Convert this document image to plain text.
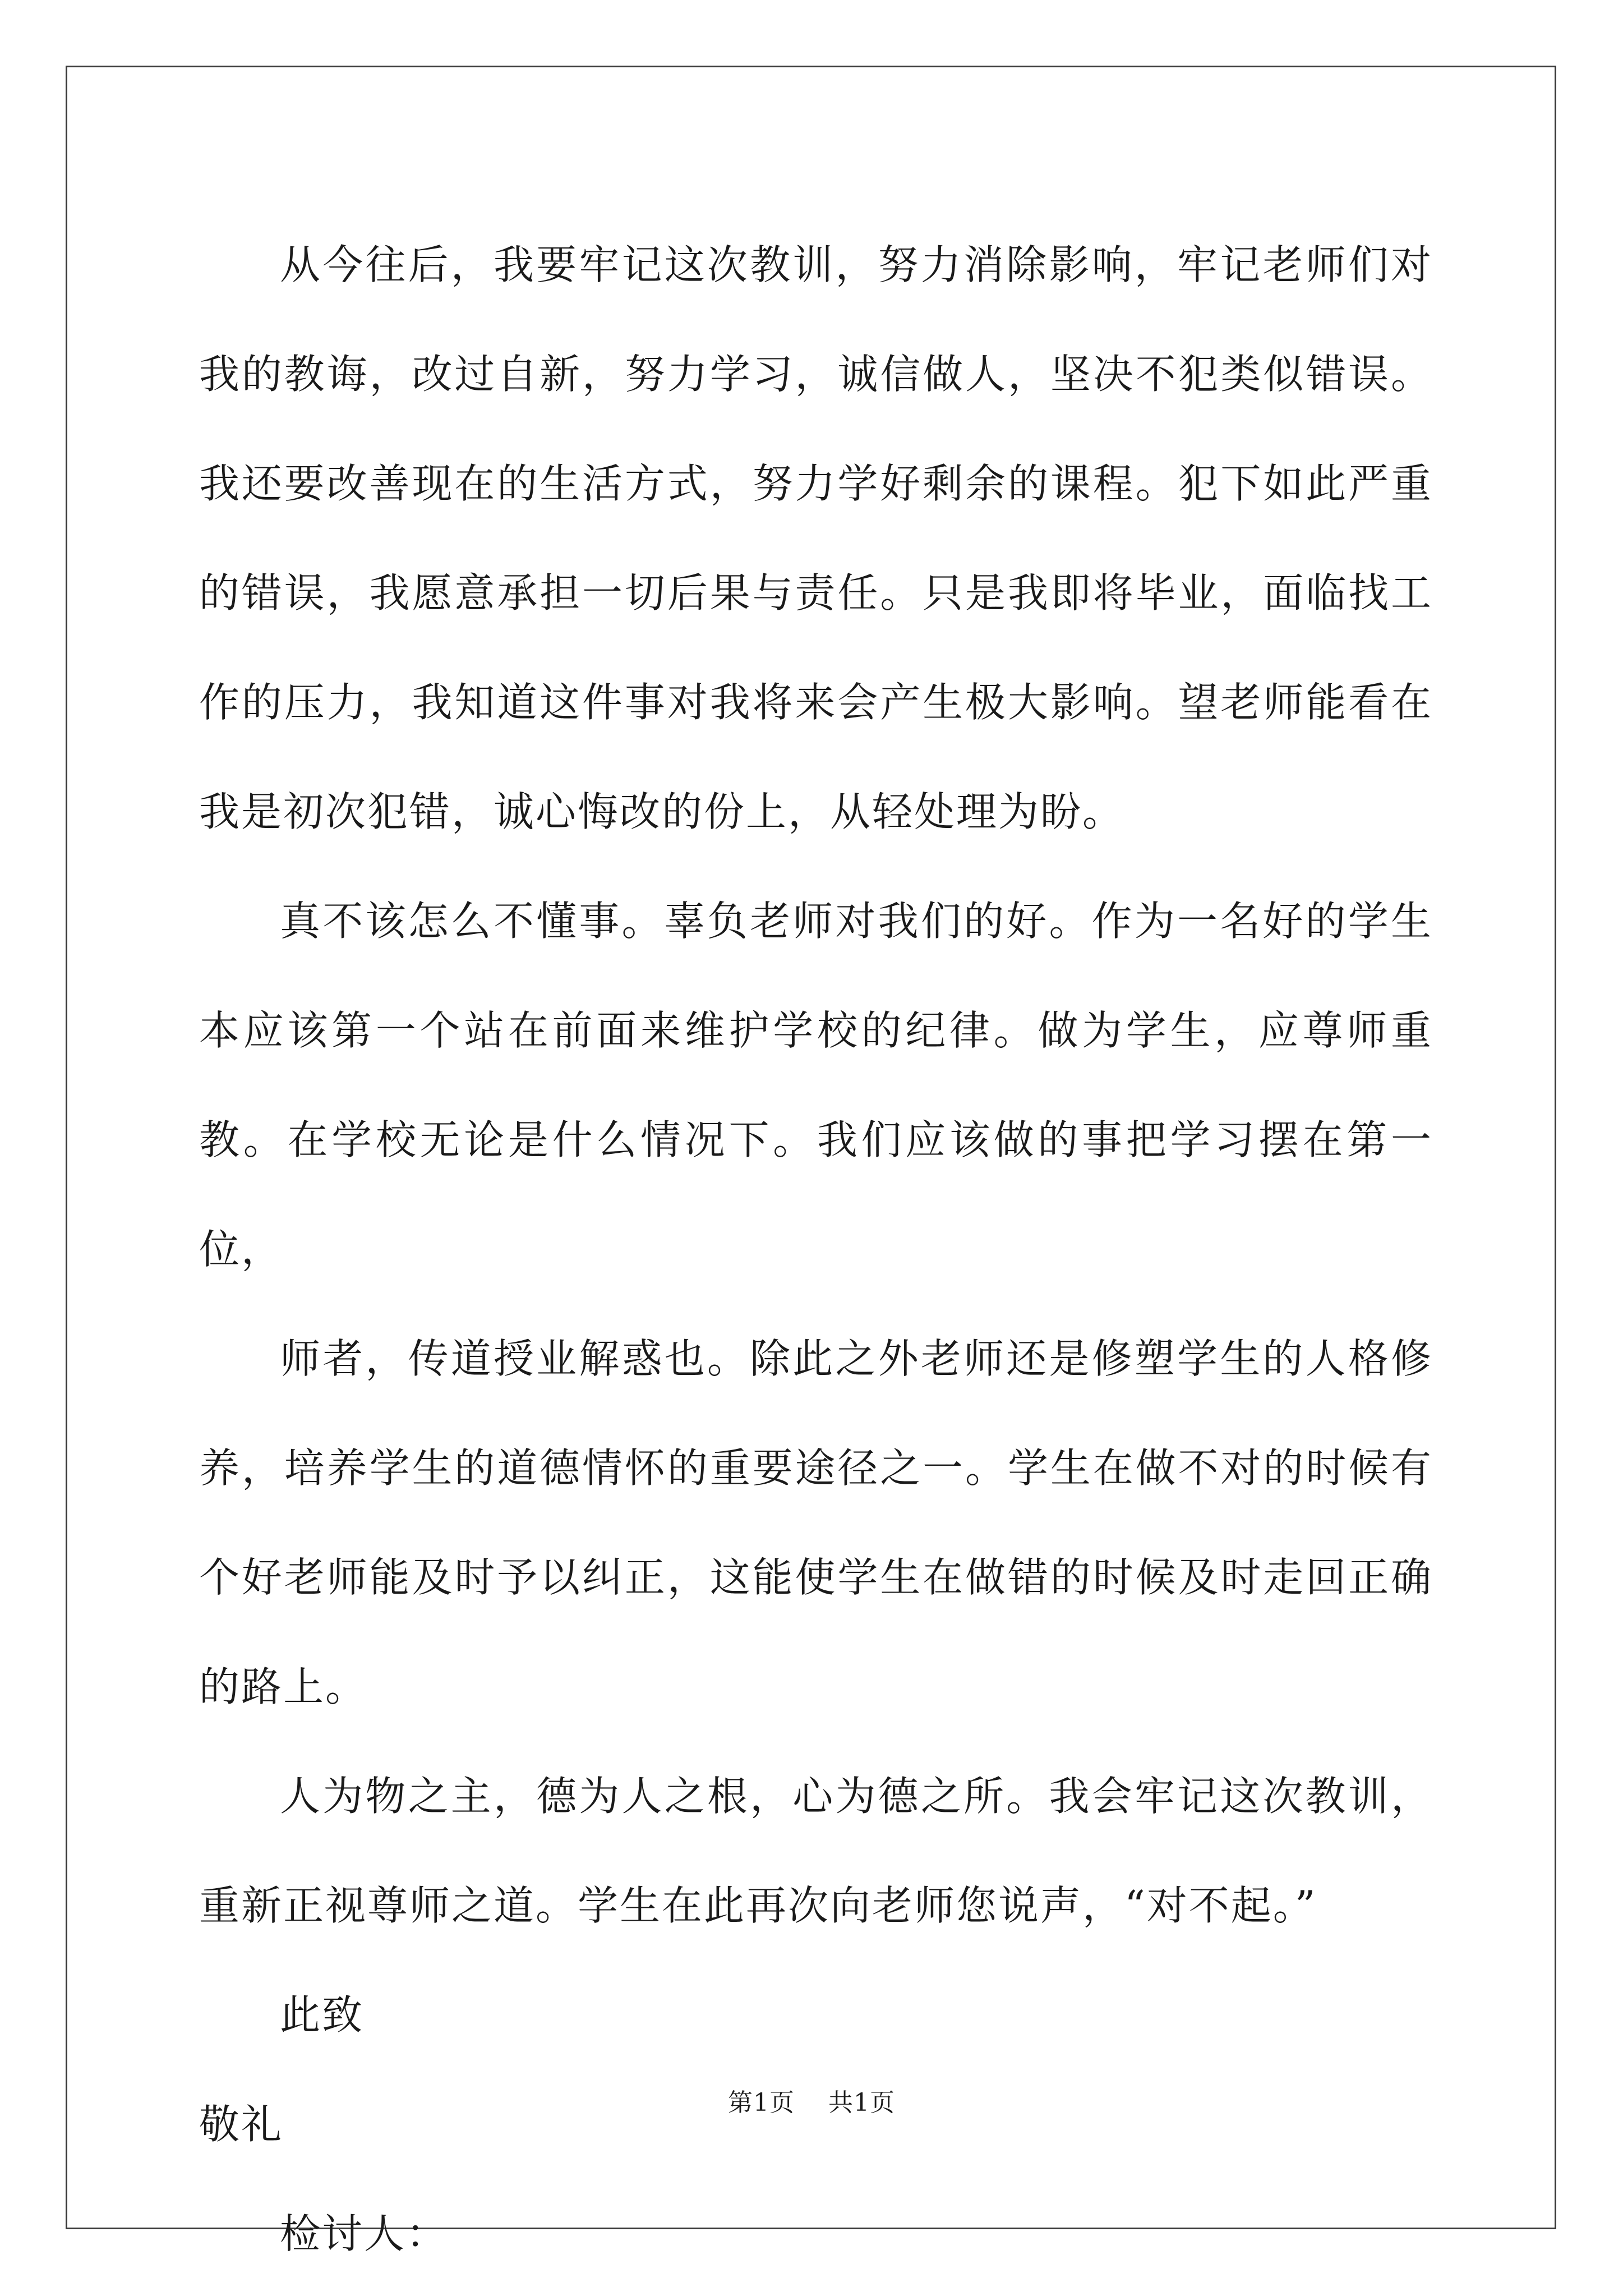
从今往后，我要牢记这次教训，努力消除影响，牢记老师们对我的教诲，改过自新，努力学习，诚信做人，坚决不犯类似错误。我还要改善现在的生活方式，努力学好剩余的课程。犯下如此严重的错误，我愿意承担一切后果与责任。只是我即将毕业，面临找工作的压力，我知道这件事对我将来会产生极大影响。望老师能看在我是初次犯错，诚心悔改的份上，从轻处理为盼。

真不该怎么不懂事。辜负老师对我们的好。作为一名好的学生本应该第一个站在前面来维护学校的纪律。做为学生，应尊师重教。在学校无论是什么情况下。我们应该做的事把学习摆在第一位，

师者，传道授业解惑也。除此之外老师还是修塑学生的人格修养，培养学生的道德情怀的重要途径之一。学生在做不对的时候有个好老师能及时予以纠正，这能使学生在做错的时候及时走回正确的路上。

人为物之主，德为人之根，心为德之所。我会牢记这次教训，重新正视尊师之道。学生在此再次向老师您说声，“对不起。”

此致

敬礼

检讨人：

第1页 共1页
